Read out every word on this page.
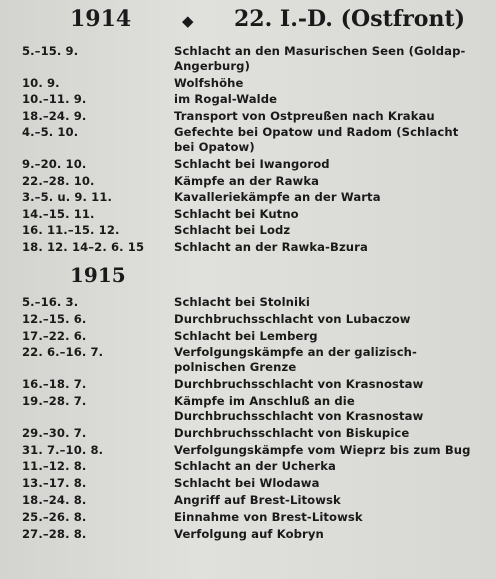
1914	◆	22. I.-D. (Ostfront)
5.–15. 9.	Schlacht an den Masurischen Seen (Goldap-Angerburg)
10. 9.	Wolfshöhe
10.–11. 9.	im Rogal-Walde
18.–24. 9.	Transport von Ostpreußen nach Krakau
4.–5. 10.	Gefechte bei Opatow und Radom (Schlacht bei Opatow)
9.–20. 10.	Schlacht bei Iwangorod
22.–28. 10.	Kämpfe an der Rawka
3.–5. u. 9. 11.	Kavalleriekämpfe an der Warta
14.–15. 11.	Schlacht bei Kutno
16. 11.–15. 12.	Schlacht bei Lodz
18. 12. 14–2. 6. 15	Schlacht an der Rawka-Bzura
1915
5.–16. 3.	Schlacht bei Stolniki
12.–15. 6.	Durchbruchsschlacht von Lubaczow
17.–22. 6.	Schlacht bei Lemberg
22. 6.–16. 7.	Verfolgungskämpfe an der galizisch-polnischen Grenze
16.–18. 7.	Durchbruchsschlacht von Krasnostaw
19.–28. 7.	Kämpfe im Anschluß an die Durchbruchsschlacht von Krasnostaw
29.–30. 7.	Durchbruchsschlacht von Biskupice
31. 7.–10. 8.	Verfolgungskämpfe vom Wieprz bis zum Bug
11.–12. 8.	Schlacht an der Ucherka
13.–17. 8.	Schlacht bei Wlodawa
18.–24. 8.	Angriff auf Brest-Litowsk
25.–26. 8.	Einnahme von Brest-Litowsk
27.–28. 8.	Verfolgung auf Kobryn
